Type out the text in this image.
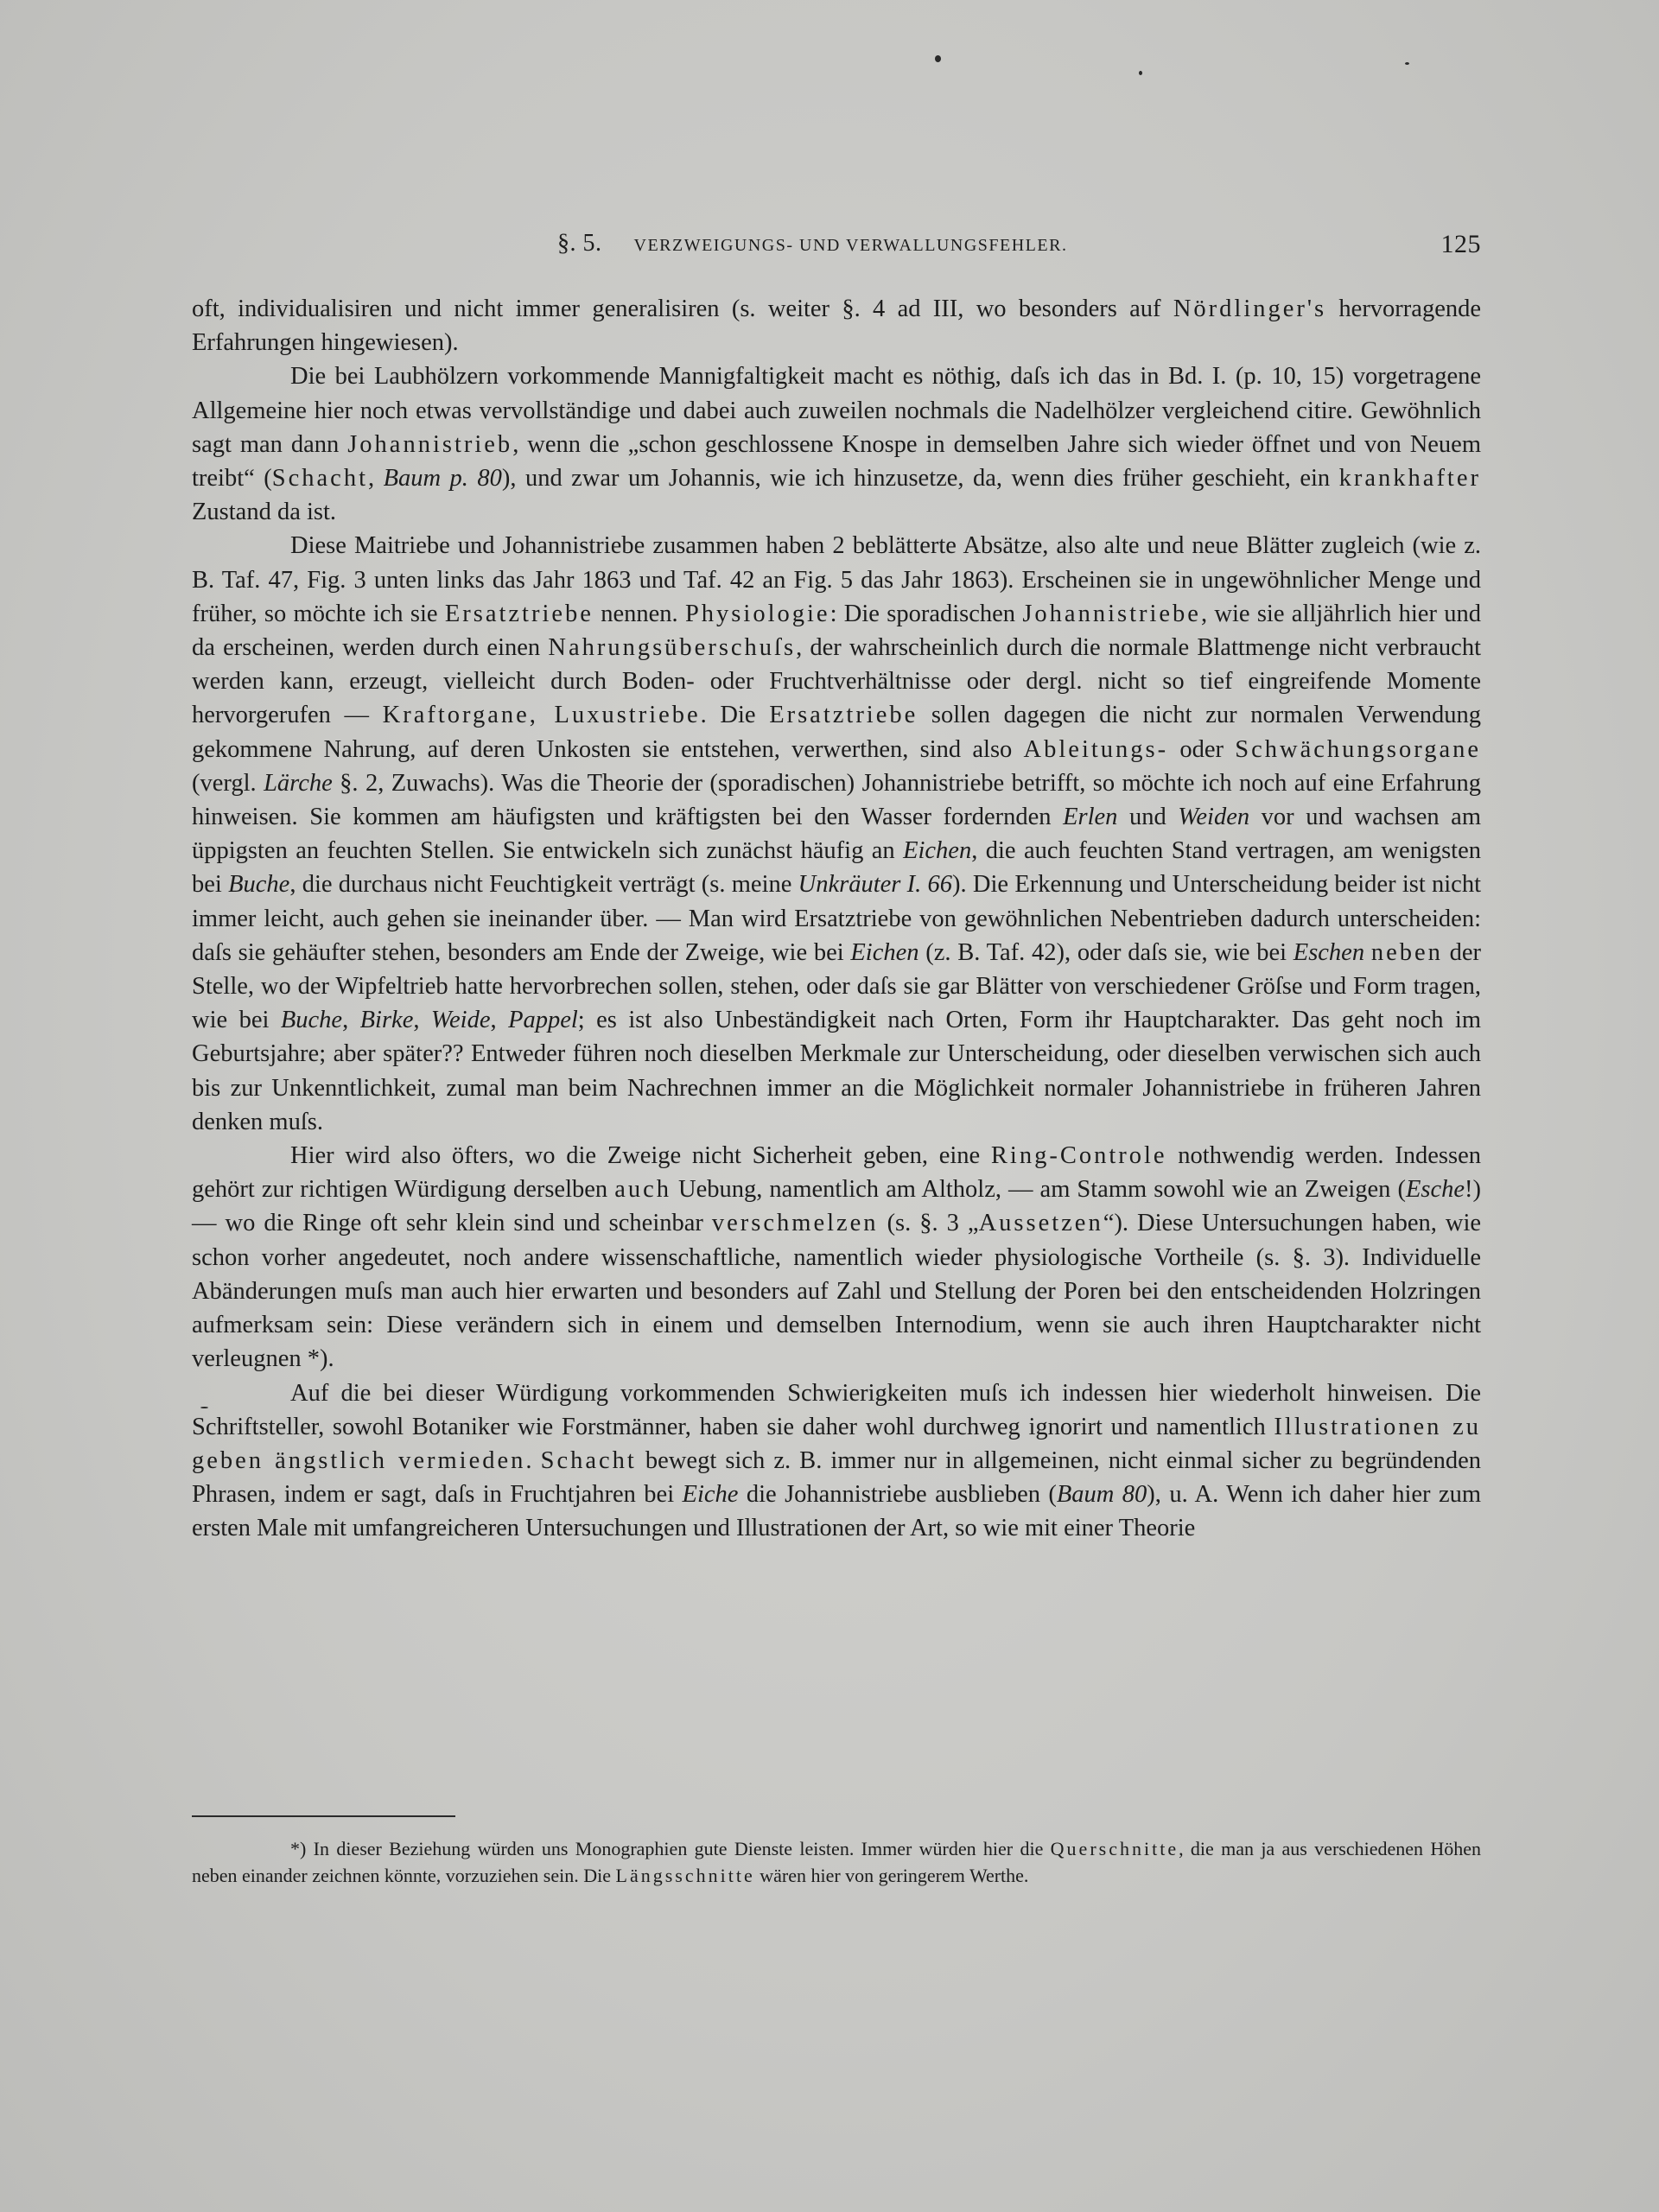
§. 5. VERZWEIGUNGS- UND VERWALLUNGSFEHLER.	125

oft, individualisiren und nicht immer generalisiren (s. weiter §. 4 ad III, wo besonders auf Nördlinger's hervorragende Erfahrungen hingewiesen).

Die bei Laubhölzern vorkommende Mannigfaltigkeit macht es nöthig, daſs ich das in Bd. I. (p. 10, 15) vorgetragene Allgemeine hier noch etwas vervollständige und dabei auch zuweilen nochmals die Nadelhölzer vergleichend citire. Gewöhnlich sagt man dann Johannistrieb, wenn die „schon geschlossene Knospe in demselben Jahre sich wieder öffnet und von Neuem treibt“ (Schacht, Baum p. 80), und zwar um Johannis, wie ich hinzusetze, da, wenn dies früher geschieht, ein krankhafter Zustand da ist.

Diese Maitriebe und Johannistriebe zusammen haben 2 beblätterte Absätze, also alte und neue Blätter zugleich (wie z. B. Taf. 47, Fig. 3 unten links das Jahr 1863 und Taf. 42 an Fig. 5 das Jahr 1863). Erscheinen sie in ungewöhnlicher Menge und früher, so möchte ich sie Ersatztriebe nennen. Physiologie: Die sporadischen Johannistriebe, wie sie alljährlich hier und da erscheinen, werden durch einen Nahrungsüberschuſs, der wahrscheinlich durch die normale Blattmenge nicht verbraucht werden kann, erzeugt, vielleicht durch Boden- oder Fruchtverhältnisse oder dergl. nicht so tief eingreifende Momente hervorgerufen — Kraftorgane, Luxustriebe. Die Ersatztriebe sollen dagegen die nicht zur normalen Verwendung gekommene Nahrung, auf deren Unkosten sie entstehen, verwerthen, sind also Ableitungs- oder Schwächungsorgane (vergl. Lärche §. 2, Zuwachs). Was die Theorie der (sporadischen) Johannistriebe betrifft, so möchte ich noch auf eine Erfahrung hinweisen. Sie kommen am häufigsten und kräftigsten bei den Wasser fordernden Erlen und Weiden vor und wachsen am üppigsten an feuchten Stellen. Sie entwickeln sich zunächst häufig an Eichen, die auch feuchten Stand vertragen, am wenigsten bei Buche, die durchaus nicht Feuchtigkeit verträgt (s. meine Unkräuter I. 66). Die Erkennung und Unterscheidung beider ist nicht immer leicht, auch gehen sie ineinander über. — Man wird Ersatztriebe von gewöhnlichen Nebentrieben dadurch unterscheiden: daſs sie gehäufter stehen, besonders am Ende der Zweige, wie bei Eichen (z. B. Taf. 42), oder daſs sie, wie bei Eschen neben der Stelle, wo der Wipfeltrieb hatte hervorbrechen sollen, stehen, oder daſs sie gar Blätter von verschiedener Gröſse und Form tragen, wie bei Buche, Birke, Weide, Pappel; es ist also Unbeständigkeit nach Orten, Form ihr Hauptcharakter. Das geht noch im Geburtsjahre; aber später?? Entweder führen noch dieselben Merkmale zur Unterscheidung, oder dieselben verwischen sich auch bis zur Unkenntlichkeit, zumal man beim Nachrechnen immer an die Möglichkeit normaler Johannistriebe in früheren Jahren denken muſs.

Hier wird also öfters, wo die Zweige nicht Sicherheit geben, eine Ring-Controle nothwendig werden. Indessen gehört zur richtigen Würdigung derselben auch Uebung, namentlich am Altholz, — am Stamm sowohl wie an Zweigen (Esche!) — wo die Ringe oft sehr klein sind und scheinbar verschmelzen (s. §. 3 „Aussetzen“). Diese Untersuchungen haben, wie schon vorher angedeutet, noch andere wissenschaftliche, namentlich wieder physiologische Vortheile (s. §. 3). Individuelle Abänderungen muſs man auch hier erwarten und besonders auf Zahl und Stellung der Poren bei den entscheidenden Holzringen aufmerksam sein: Diese verändern sich in einem und demselben Internodium, wenn sie auch ihren Hauptcharakter nicht verleugnen *).

Auf die bei dieser Würdigung vorkommenden Schwierigkeiten muſs ich indessen hier wiederholt hinweisen. Die Schriftsteller, sowohl Botaniker wie Forstmänner, haben sie daher wohl durchweg ignorirt und namentlich Illustrationen zu geben ängstlich vermieden. Schacht bewegt sich z. B. immer nur in allgemeinen, nicht einmal sicher zu begründenden Phrasen, indem er sagt, daſs in Fruchtjahren bei Eiche die Johannistriebe ausblieben (Baum 80), u. A. Wenn ich daher hier zum ersten Male mit umfangreicheren Untersuchungen und Illustrationen der Art, so wie mit einer Theorie

*) In dieser Beziehung würden uns Monographien gute Dienste leisten. Immer würden hier die Querschnitte, die man ja aus verschiedenen Höhen neben einander zeichnen könnte, vorzuziehen sein. Die Längsschnitte wären hier von geringerem Werthe.
